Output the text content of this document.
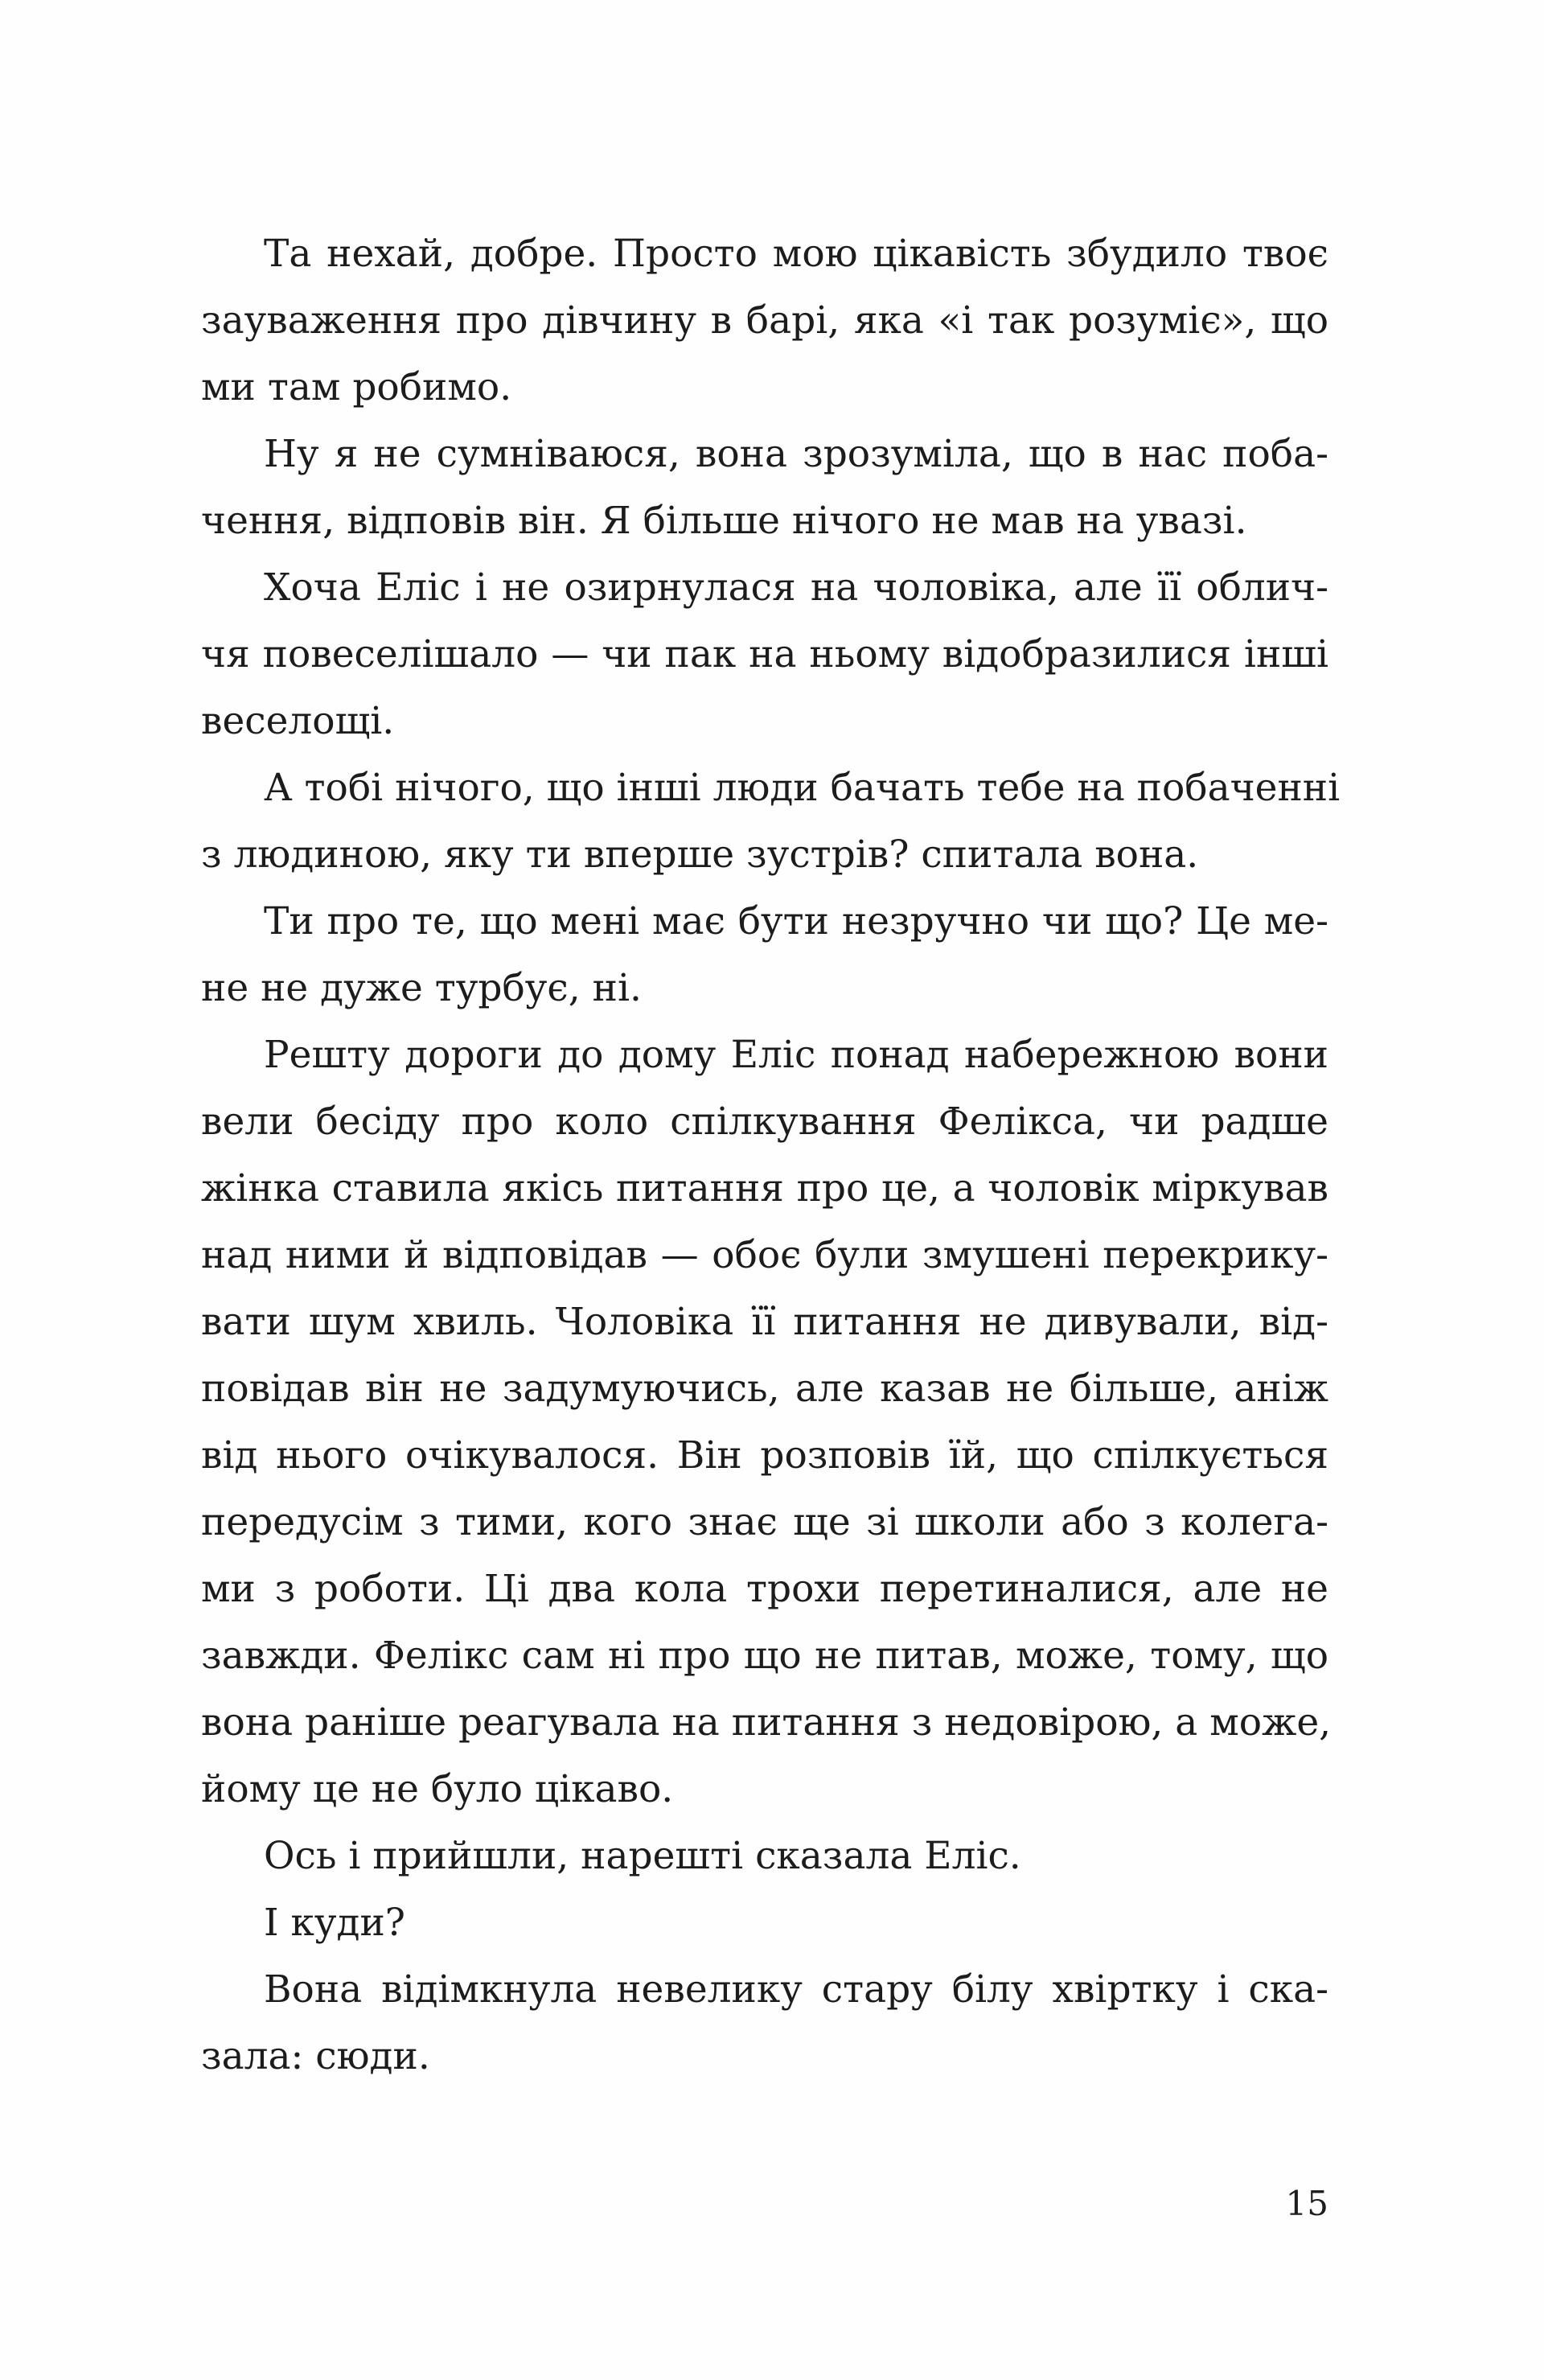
Та нехай, добре. Просто мою цікавість збудило твоє
зауваження про дівчину в барі, яка «і так розуміє», що
ми там робимо.
Ну я не сумніваюся, вона зрозуміла, що в нас поба-
чення, відповів він. Я більше нічого не мав на увазі.
Хоча Еліс і не озирнулася на чоловіка, але її облич-
чя повеселішало — чи пак на ньому відобразилися інші
веселощі.
А тобі нічого, що інші люди бачать тебе на побаченні
з людиною, яку ти вперше зустрів? спитала вона.
Ти про те, що мені має бути незручно чи що? Це ме-
не не дуже турбує, ні.
Решту дороги до дому Еліс понад набережною вони
вели бесіду про коло спілкування Фелікса, чи радше
жінка ставила якісь питання про це, а чоловік міркував
над ними й відповідав — обоє були змушені перекрику-
вати шум хвиль. Чоловіка її питання не дивували, від-
повідав він не задумуючись, але казав не більше, аніж
від нього очікувалося. Він розповів їй, що спілкується
передусім з тими, кого знає ще зі школи або з колега-
ми з роботи. Ці два кола трохи перетиналися, але не
завжди. Фелікс сам ні про що не питав, може, тому, що
вона раніше реагувала на питання з недовірою, а може,
йому це не було цікаво.
Ось і прийшли, нарешті сказала Еліс.
І куди?
Вона відімкнула невелику стару білу хвіртку і ска-
зала: сюди.
15
